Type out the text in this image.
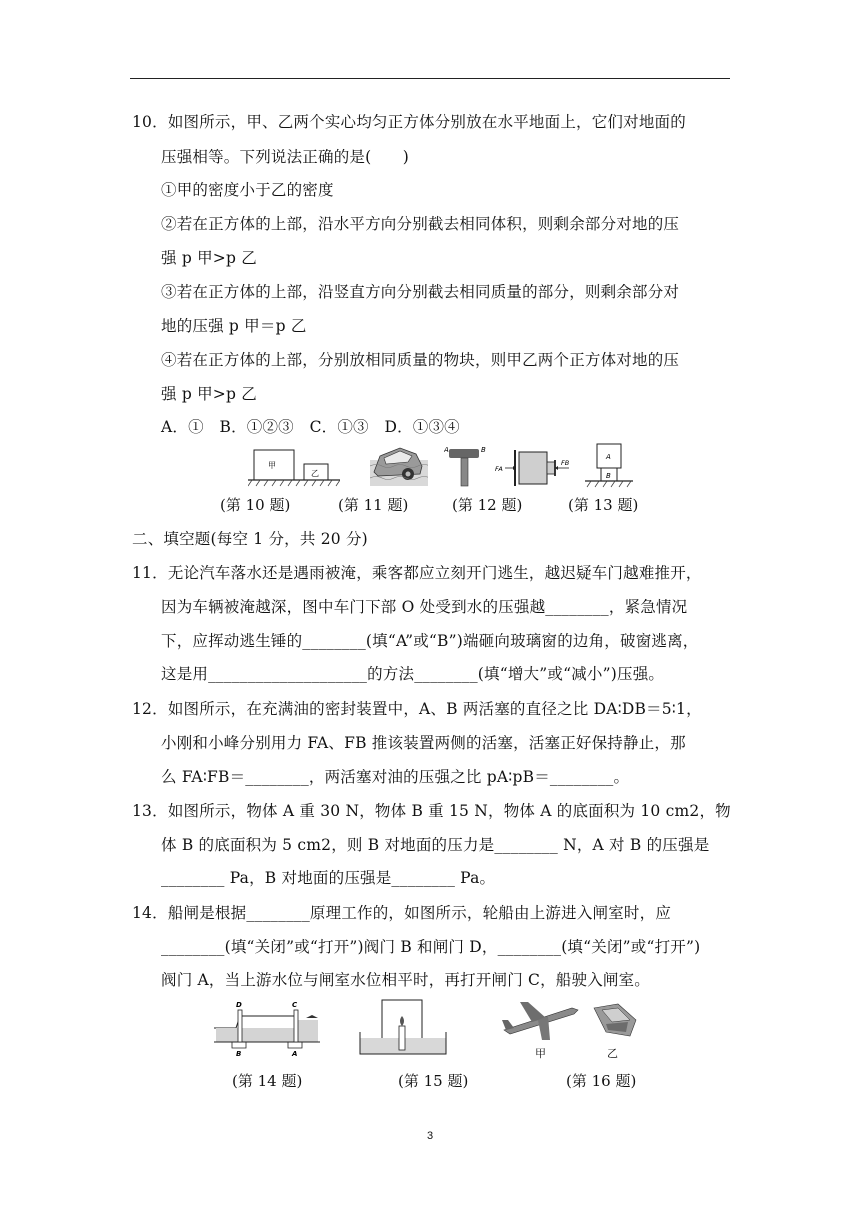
10．如图所示，甲、乙两个实心均匀正方体分别放在水平地面上，它们对地面的
压强相等。下列说法正确的是(　　)
①甲的密度小于乙的密度
②若在正方体的上部，沿水平方向分别截去相同体积，则剩余部分对地的压
强 p 甲>p 乙
③若在正方体的上部，沿竖直方向分别截去相同质量的部分，则剩余部分对
地的压强 p 甲＝p 乙
④若在正方体的上部，分别放相同质量的物块，则甲乙两个正方体对地的压
强 p 甲>p 乙
A．①　B．①②③　C．①③　D．①③④
甲
乙
A	B
FA
FB
A
B
(第 10 题)	(第 11 题)	(第 12 题)	(第 13 题)
二、填空题(每空 1 分，共 20 分)
11．无论汽车落水还是遇雨被淹，乘客都应立刻开门逃生，越迟疑车门越难推开，
因为车辆被淹越深，图中车门下部 O 处受到水的压强越________，紧急情况
下，应挥动逃生锤的________(填“A”或“B”)端砸向玻璃窗的边角，破窗逃离，
这是用____________________的方法________(填“增大”或“减小”)压强。
12．如图所示，在充满油的密封装置中，A、B 两活塞的直径之比 DA∶DB＝5∶1，
小刚和小峰分别用力 FA、FB 推该装置两侧的活塞，活塞正好保持静止，那
么 FA∶FB＝________，两活塞对油的压强之比 pA∶pB＝________。
13．如图所示，物体 A 重 30 N，物体 B 重 15 N，物体 A 的底面积为 10 cm2，物
体 B 的底面积为 5 cm2，则 B 对地面的压力是________ N，A 对 B 的压强是
________ Pa，B 对地面的压强是________ Pa。
14．船闸是根据________原理工作的，如图所示，轮船由上游进入闸室时，应
________(填“关闭”或“打开”)阀门 B 和闸门 D，________(填“关闭”或“打开”)
阀门 A，当上游水位与闸室水位相平时，再打开闸门 C，船驶入闸室。
D	C
B	A	甲	乙
(第 14 题)	(第 15 题)	(第 16 题)
3
